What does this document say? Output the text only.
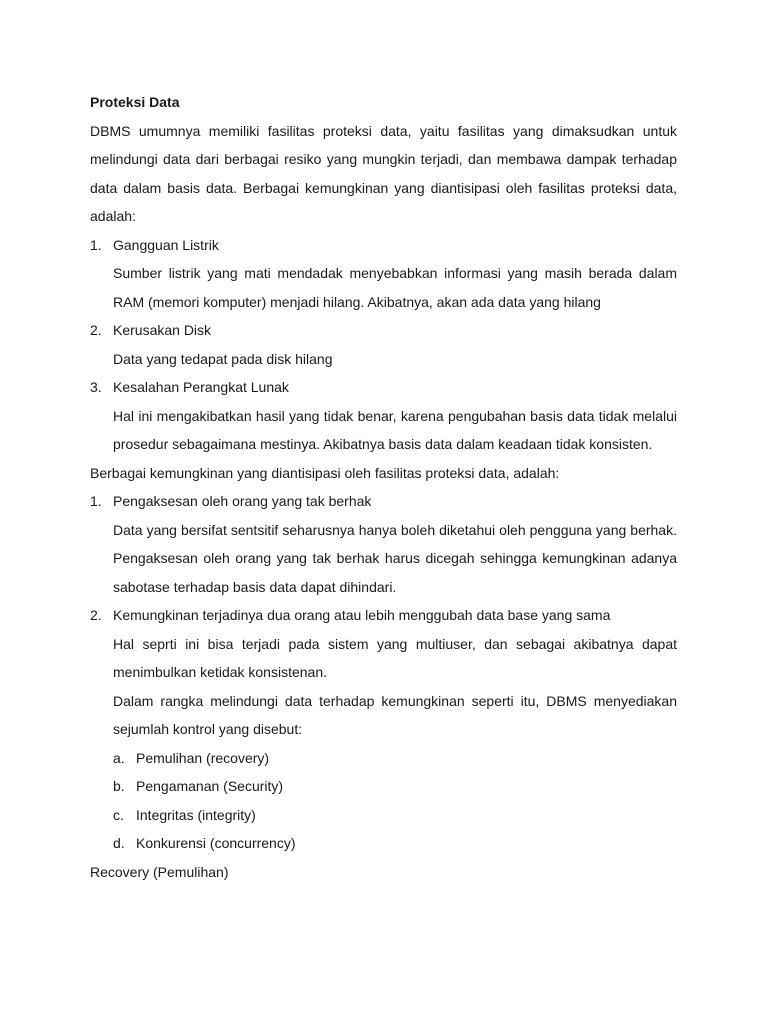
Proteksi Data

DBMS umumnya memiliki fasilitas proteksi data, yaitu fasilitas yang dimaksudkan untuk melindungi data dari berbagai resiko yang mungkin terjadi, dan membawa dampak terhadap data dalam basis data. Berbagai kemungkinan yang diantisipasi oleh fasilitas proteksi data, adalah:

1. Gangguan Listrik

Sumber listrik yang mati mendadak menyebabkan informasi yang masih berada dalam RAM (memori komputer) menjadi hilang. Akibatnya, akan ada data yang hilang

2. Kerusakan Disk

Data yang tedapat pada disk hilang

3. Kesalahan Perangkat Lunak

Hal ini mengakibatkan hasil yang tidak benar, karena pengubahan basis data tidak melalui prosedur sebagaimana mestinya. Akibatnya basis data dalam keadaan tidak konsisten.

Berbagai kemungkinan yang diantisipasi oleh fasilitas proteksi data, adalah:

1. Pengaksesan oleh orang yang tak berhak

Data yang bersifat sentsitif seharusnya hanya boleh diketahui oleh pengguna yang berhak. Pengaksesan oleh orang yang tak berhak harus dicegah sehingga kemungkinan adanya sabotase terhadap basis data dapat dihindari.

2. Kemungkinan terjadinya dua orang atau lebih menggubah data base yang sama

Hal seprti ini bisa terjadi pada sistem yang multiuser, dan sebagai akibatnya dapat menimbulkan ketidak konsistenan.

Dalam rangka melindungi data terhadap kemungkinan seperti itu, DBMS menyediakan sejumlah kontrol yang disebut:

a. Pemulihan (recovery)
b. Pengamanan (Security)
c. Integritas (integrity)
d. Konkurensi (concurrency)

Recovery (Pemulihan)
